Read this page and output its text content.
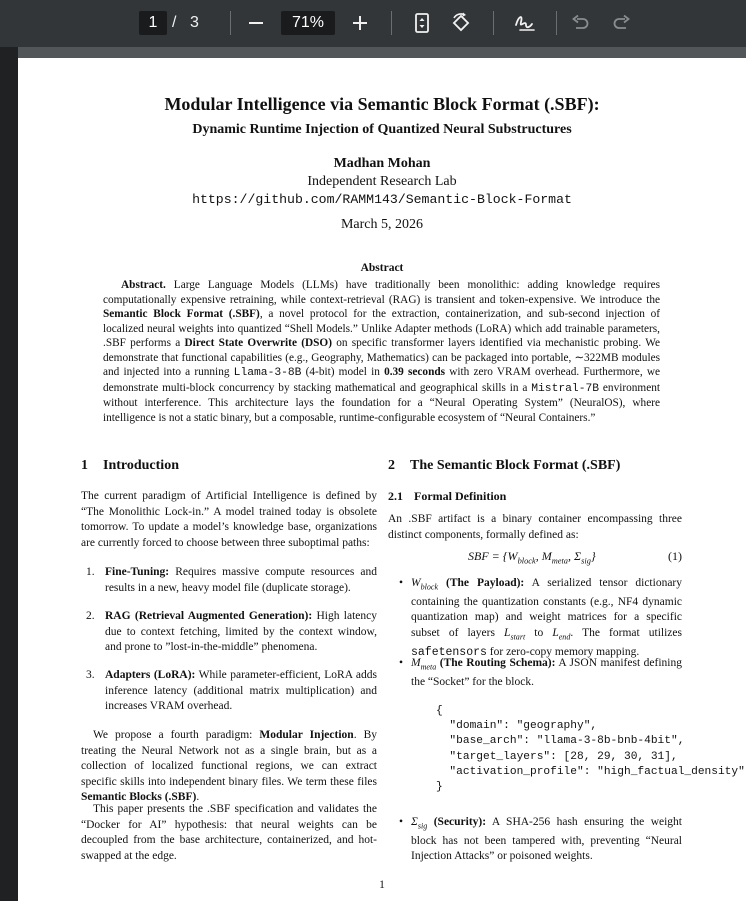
1 / 3	71%
Modular Intelligence via Semantic Block Format (.SBF):
Dynamic Runtime Injection of Quantized Neural Substructures
Madhan Mohan
Independent Research Lab
https://github.com/RAMM143/Semantic-Block-Format
March 5, 2026
Abstract
Abstract. Large Language Models (LLMs) have traditionally been monolithic: adding knowledge requires computationally expensive retraining, while context-retrieval (RAG) is transient and token-expensive. We introduce the Semantic Block Format (.SBF), a novel protocol for the extraction, containerization, and sub-second injection of localized neural weights into quantized “Shell Models.” Unlike Adapter methods (LoRA) which add trainable parameters, .SBF performs a Direct State Overwrite (DSO) on specific transformer layers identified via mechanistic probing. We demonstrate that functional capabilities (e.g., Geography, Mathematics) can be packaged into portable, ∼322MB modules and injected into a running Llama-3-8B (4-bit) model in 0.39 seconds with zero VRAM overhead. Furthermore, we demonstrate multi-block concurrency by stacking mathematical and geographical skills in a Mistral-7B environment without interference. This architecture lays the foundation for a “Neural Operating System” (NeuralOS), where intelligence is not a static binary, but a composable, runtime-configurable ecosystem of “Neural Containers.”
1 Introduction
The current paradigm of Artificial Intelligence is defined by “The Monolithic Lock-in.” A model trained today is obsolete tomorrow. To update a model’s knowledge base, organizations are currently forced to choose between three suboptimal paths:
1. Fine-Tuning: Requires massive compute resources and results in a new, heavy model file (duplicate storage).
2. RAG (Retrieval Augmented Generation): High latency due to context fetching, limited by the context window, and prone to ”lost-in-the-middle” phenomena.
3. Adapters (LoRA): While parameter-efficient, LoRA adds inference latency (additional matrix multiplication) and increases VRAM overhead.
We propose a fourth paradigm: Modular Injection. By treating the Neural Network not as a single brain, but as a collection of localized functional regions, we can extract specific skills into independent binary files. We term these files Semantic Blocks (.SBF).
This paper presents the .SBF specification and validates the “Docker for AI” hypothesis: that neural weights can be decoupled from the base architecture, containerized, and hot-swapped at the edge.
2 The Semantic Block Format (.SBF)
2.1 Formal Definition
An .SBF artifact is a binary container encompassing three distinct components, formally defined as:
SBF = {$W_{block}$, $M_{meta}$, $\Sigma_{sig}$}	(1)
• $W_{block}$ (The Payload): A serialized tensor dictionary containing the quantization constants (e.g., NF4 dynamic quantization map) and weight matrices for a specific subset of layers $L_{start}$ to $L_{end}$. The format utilizes safetensors for zero-copy memory mapping.
• $M_{meta}$ (The Routing Schema): A JSON manifest defining the “Socket” for the block.
{
"domain": "geography",
"base_arch": "llama-3-8b-bnb-4bit",
"target_layers": [28, 29, 30, 31],
"activation_profile": "high_factual_density"
}
• $\Sigma_{sig}$ (Security): A SHA-256 hash ensuring the weight block has not been tampered with, preventing “Neural Injection Attacks” or poisoned weights.
1
